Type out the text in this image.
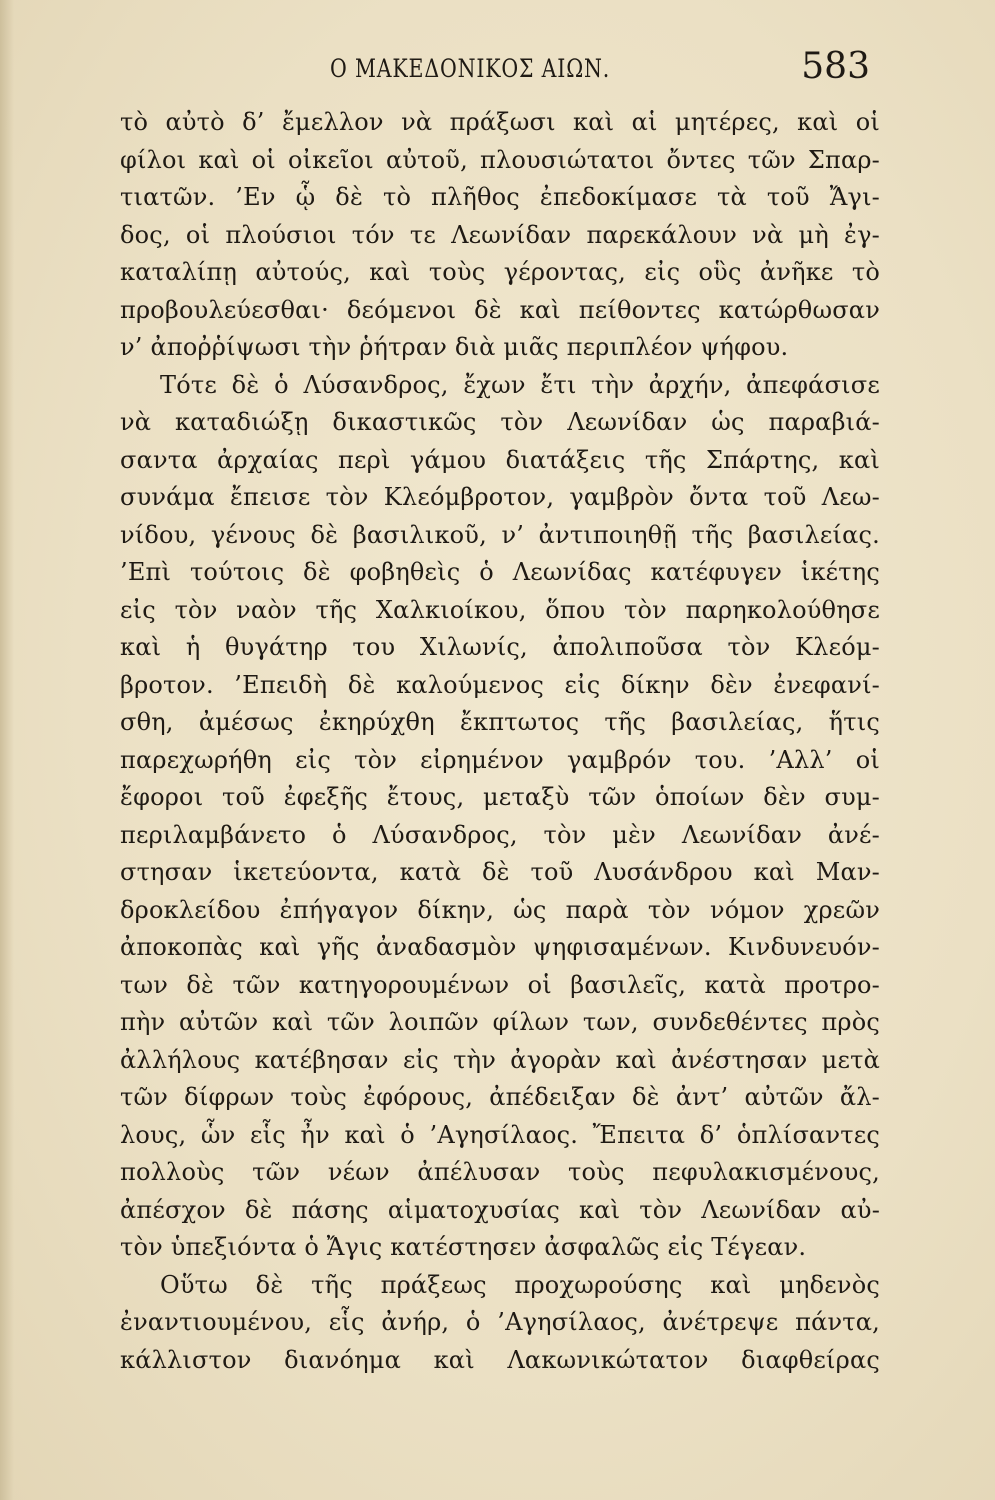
Ο ΜΑΚΕΔΟΝΙΚΟΣ ΑΙΩΝ.	583
τὸ αὐτὸ δ’ ἔμελλον νὰ πράξωσι καὶ αἱ μητέρες, καὶ οἱ
φίλοι καὶ οἱ οἰκεῖοι αὐτοῦ, πλουσιώτατοι ὄντες τῶν Σπαρ-
τιατῶν. ’Εν ᾧ δὲ τὸ πλῆθος ἐπεδοκίμασε τὰ τοῦ Ἄγι-
δος, οἱ πλούσιοι τόν τε Λεωνίδαν παρεκάλουν νὰ μὴ ἐγ-
καταλίπῃ αὐτούς, καὶ τοὺς γέροντας, εἰς οὓς ἀνῆκε τὸ
προβουλεύεσθαι· δεόμενοι δὲ καὶ πείθοντες κατώρθωσαν
ν’ ἀποῤῥίψωσι τὴν ῥήτραν διὰ μιᾶς περιπλέον ψήφου.
Τότε δὲ ὁ Λύσανδρος, ἔχων ἔτι τὴν ἀρχήν, ἀπεφάσισε
νὰ καταδιώξῃ δικαστικῶς τὸν Λεωνίδαν ὡς παραβιά-
σαντα ἀρχαίας περὶ γάμου διατάξεις τῆς Σπάρτης, καὶ
συνάμα ἔπεισε τὸν Κλεόμβροτον, γαμβρὸν ὄντα τοῦ Λεω-
νίδου, γένους δὲ βασιλικοῦ, ν’ ἀντιποιηθῇ τῆς βασιλείας.
’Επὶ τούτοις δὲ φοβηθεὶς ὁ Λεωνίδας κατέφυγεν ἱκέτης
εἰς τὸν ναὸν τῆς Χαλκιοίκου, ὅπου τὸν παρηκολούθησε
καὶ ἡ θυγάτηρ του Χιλωνίς, ἀπολιποῦσα τὸν Κλεόμ-
βροτον. ’Επειδὴ δὲ καλούμενος εἰς δίκην δὲν ἐνεφανί-
σθη, ἀμέσως ἐκηρύχθη ἔκπτωτος τῆς βασιλείας, ἥτις
παρεχωρήθη εἰς τὸν εἰρημένον γαμβρόν του. ’Αλλ’ οἱ
ἔφοροι τοῦ ἐφεξῆς ἔτους, μεταξὺ τῶν ὁποίων δὲν συμ-
περιλαμβάνετο ὁ Λύσανδρος, τὸν μὲν Λεωνίδαν ἀνέ-
στησαν ἱκετεύοντα, κατὰ δὲ τοῦ Λυσάνδρου καὶ Μαν-
δροκλείδου ἐπήγαγον δίκην, ὡς παρὰ τὸν νόμον χρεῶν
ἀποκοπὰς καὶ γῆς ἀναδασμὸν ψηφισαμένων. Κινδυνευόν-
των δὲ τῶν κατηγορουμένων οἱ βασιλεῖς, κατὰ προτρο-
πὴν αὐτῶν καὶ τῶν λοιπῶν φίλων των, συνδεθέντες πρὸς
ἀλλήλους κατέβησαν εἰς τὴν ἀγορὰν καὶ ἀνέστησαν μετὰ
τῶν δίφρων τοὺς ἐφόρους, ἀπέδειξαν δὲ ἀντ’ αὐτῶν ἄλ-
λους, ὧν εἷς ἦν καὶ ὁ ’Αγησίλαος. Ἔπειτα δ’ ὁπλίσαντες
πολλοὺς τῶν νέων ἀπέλυσαν τοὺς πεφυλακισμένους,
ἀπέσχον δὲ πάσης αἱματοχυσίας καὶ τὸν Λεωνίδαν αὐ-
τὸν ὑπεξιόντα ὁ Ἄγις κατέστησεν ἀσφαλῶς εἰς Τέγεαν.
Οὕτω δὲ τῆς πράξεως προχωρούσης καὶ μηδενὸς
ἐναντιουμένου, εἷς ἀνήρ, ὁ ’Αγησίλαος, ἀνέτρεψε πάντα,
κάλλιστον διανόημα καὶ Λακωνικώτατον διαφθείρας
